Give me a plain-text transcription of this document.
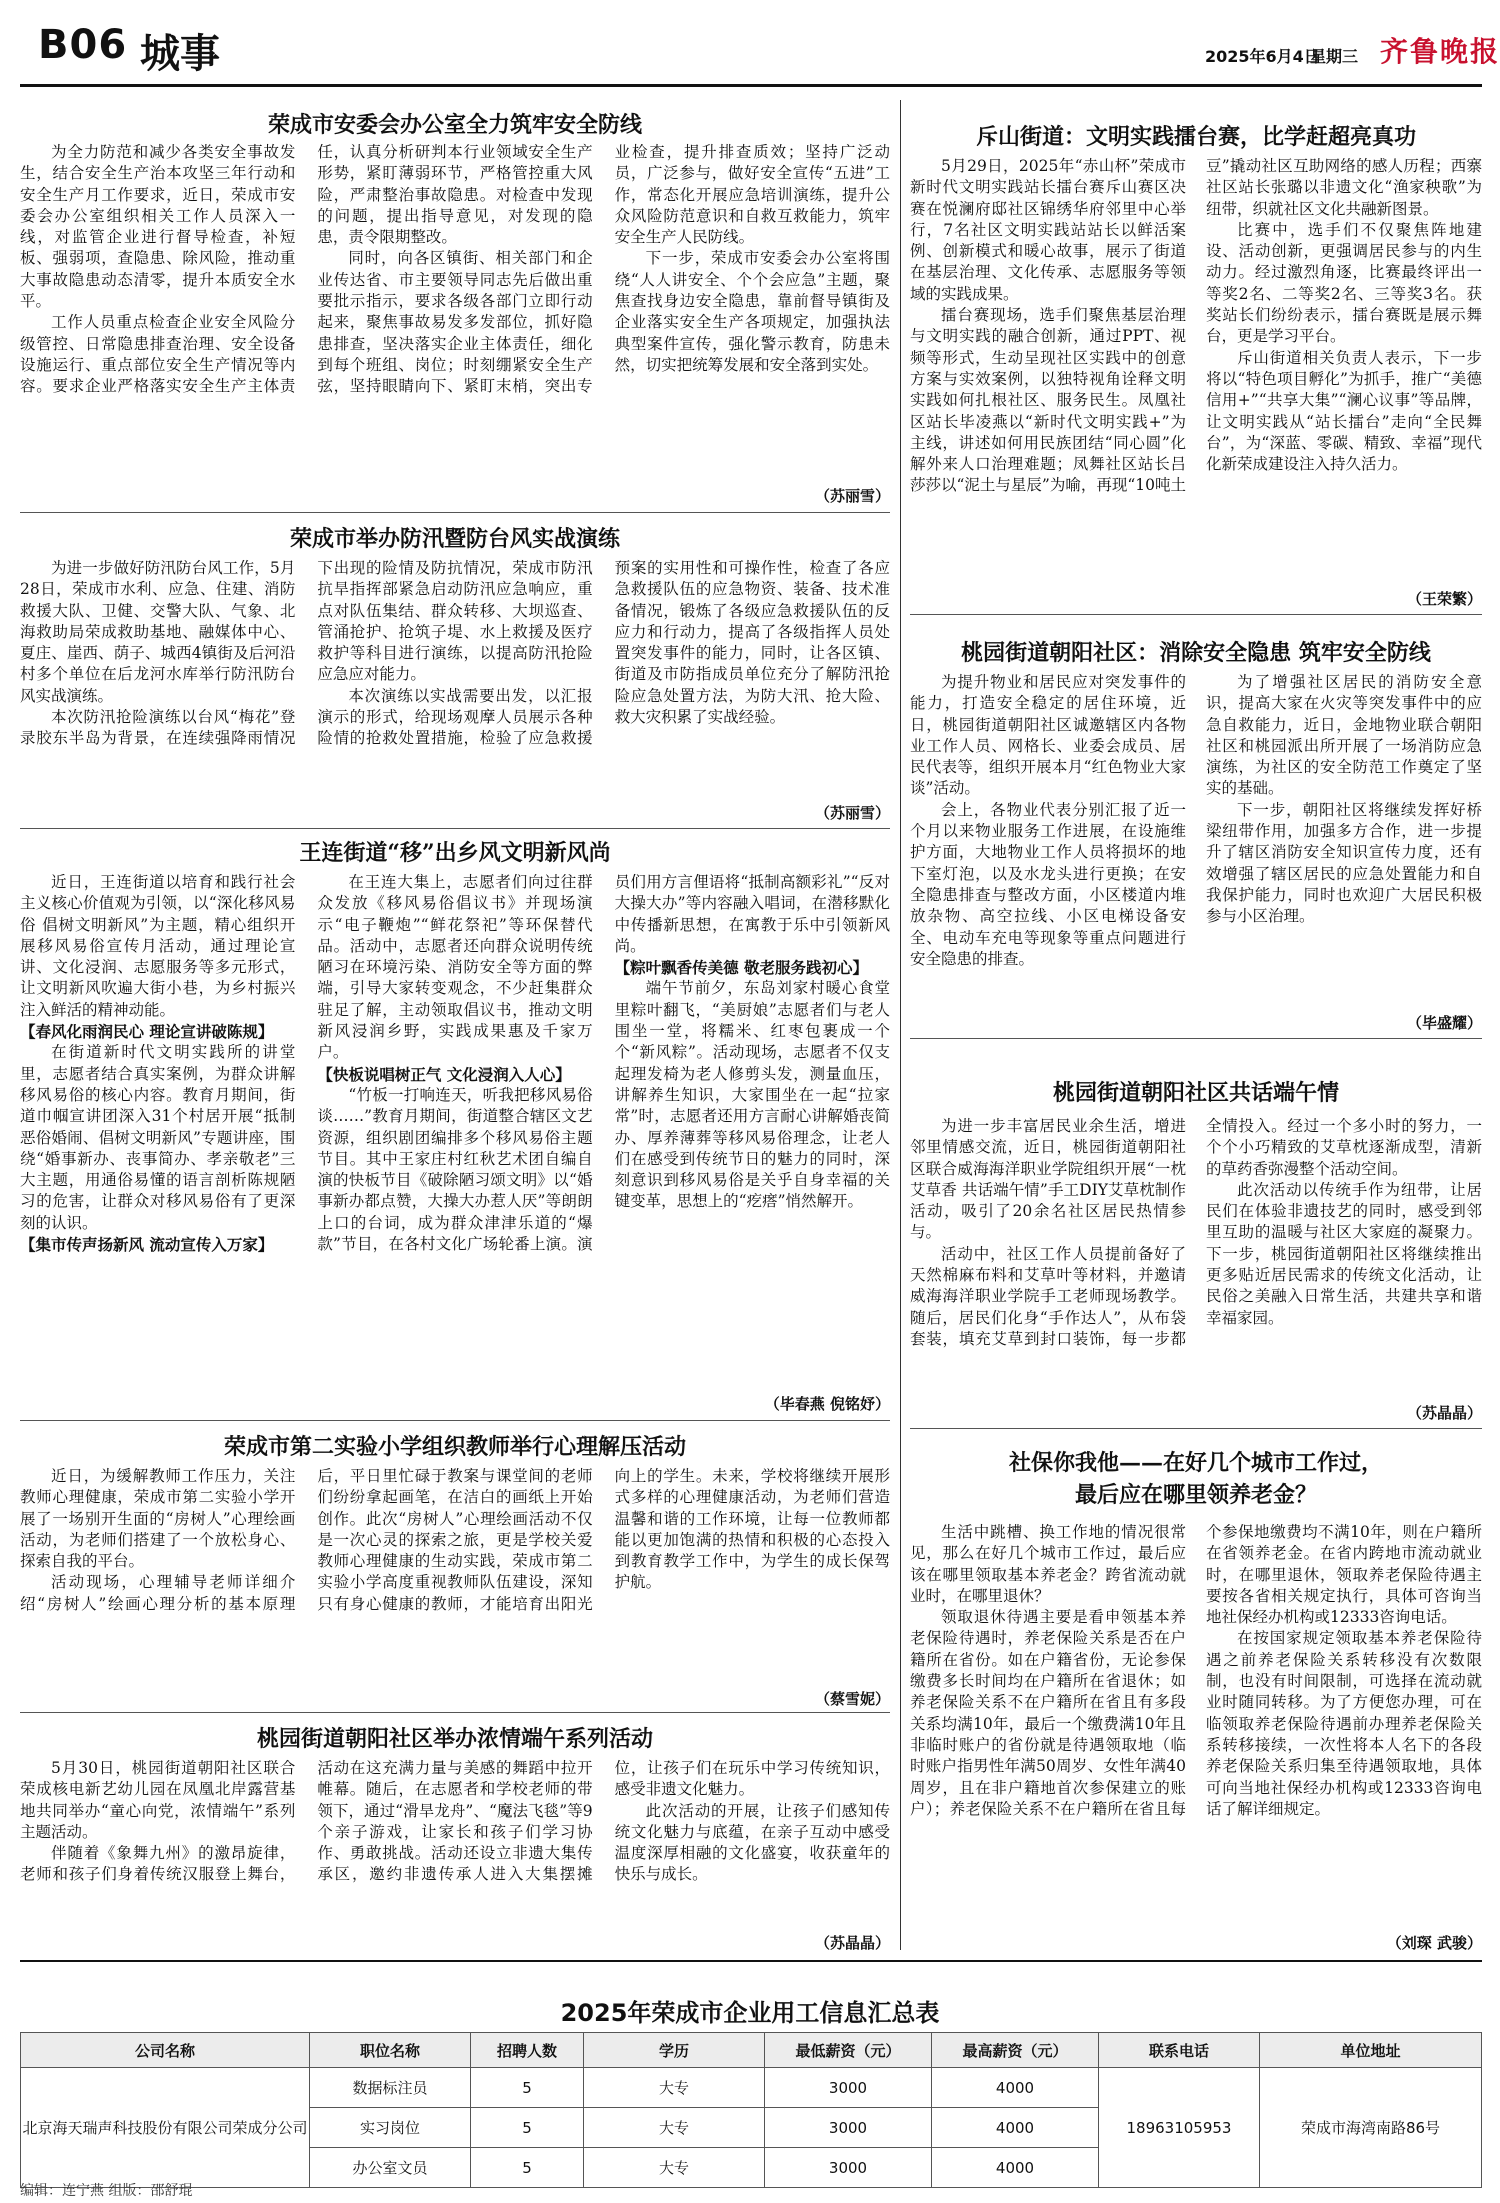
B06 城事	2025年6月4日
星期三 齐鲁晚报
荣成市安委会办公室全力筑牢安全防线

为全力防范和减少各类安全事故发生，结合安全生产治本攻坚三年行动和安全生产月工作要求，近日，荣成市安委会办公室组织相关工作人员深入一线，对监管企业进行督导检查，补短板、强弱项，查隐患、除风险，推动重大事故隐患动态清零，提升本质安全水平。

工作人员重点检查企业安全风险分级管控、日常隐患排查治理、安全设备设施运行、重点部位安全生产情况等内容。要求企业严格落实安全生产主体责任，认真分析研判本行业领域安全生产形势，紧盯薄弱环节，严格管控重大风险，严肃整治事故隐患。对检查中发现的问题，提出指导意见，对发现的隐患，责令限期整改。

同时，向各区镇街、相关部门和企业传达省、市主要领导同志先后做出重要批示指示，要求各级各部门立即行动起来，聚焦事故易发多发部位，抓好隐患排查，坚决落实企业主体责任，细化到每个班组、岗位；时刻绷紧安全生产弦，坚持眼睛向下、紧盯末梢，突出专业检查，提升排查质效；坚持广泛动员，广泛参与，做好安全宣传“五进”工作，常态化开展应急培训演练，提升公众风险防范意识和自救互救能力，筑牢安全生产人民防线。

下一步，荣成市安委会办公室将围绕“人人讲安全、个个会应急”主题，聚焦查找身边安全隐患，靠前督导镇街及企业落实安全生产各项规定，加强执法典型案件宣传，强化警示教育，防患未然，切实把统筹发展和安全落到实处。

（苏丽雪）
荣成市举办防汛暨防台风实战演练

为进一步做好防汛防台风工作，5月28日，荣成市水利、应急、住建、消防救援大队、卫健、交警大队、气象、北海救助局荣成救助基地、融媒体中心、夏庄、崖西、荫子、城西4镇街及后河沿村多个单位在后龙河水库举行防汛防台风实战演练。

本次防汛抢险演练以台风“梅花”登录胶东半岛为背景，在连续强降雨情况下出现的险情及防抗情况，荣成市防汛抗旱指挥部紧急启动防汛应急响应，重点对队伍集结、群众转移、大坝巡查、管涌抢护、抢筑子堤、水上救援及医疗救护等科目进行演练，以提高防汛抢险应急应对能力。

本次演练以实战需要出发，以汇报演示的形式，给现场观摩人员展示各种险情的抢救处置措施，检验了应急救援预案的实用性和可操作性，检查了各应急救援队伍的应急物资、装备、技术准备情况，锻炼了各级应急救援队伍的反应力和行动力，提高了各级指挥人员处置突发事件的能力，同时，让各区镇、街道及市防指成员单位充分了解防汛抢险应急处置方法，为防大汛、抢大险、救大灾积累了实战经验。

（苏丽雪）
王连街道“移”出乡风文明新风尚

近日，王连街道以培育和践行社会主义核心价值观为引领，以“深化移风易俗 倡树文明新风”为主题，精心组织开展移风易俗宣传月活动，通过理论宣讲、文化浸润、志愿服务等多元形式，让文明新风吹遍大街小巷，为乡村振兴注入鲜活的精神动能。

【春风化雨润民心 理论宣讲破陈规】

在街道新时代文明实践所的讲堂里，志愿者结合真实案例，为群众讲解移风易俗的核心内容。教育月期间，街道巾帼宣讲团深入31个村居开展“抵制恶俗婚闹、倡树文明新风”专题讲座，围绕“婚事新办、丧事简办、孝亲敬老”三大主题，用通俗易懂的语言剖析陈规陋习的危害，让群众对移风易俗有了更深刻的认识。

【集市传声扬新风 流动宣传入万家】

在王连大集上，志愿者们向过往群众发放《移风易俗倡议书》并现场演示“电子鞭炮”“鲜花祭祀”等环保替代品。活动中，志愿者还向群众说明传统陋习在环境污染、消防安全等方面的弊端，引导大家转变观念，不少赶集群众驻足了解，主动领取倡议书，推动文明新风浸润乡野，实践成果惠及千家万户。

【快板说唱树正气 文化浸润入人心】

“竹板一打响连天，听我把移风易俗谈……”教育月期间，街道整合辖区文艺资源，组织剧团编排多个移风易俗主题节目。其中王家庄村红秋艺术团自编自演的快板节目《破除陋习颂文明》以“婚事新办都点赞，大操大办惹人厌”等朗朗上口的台词，成为群众津津乐道的“爆款”节目，在各村文化广场轮番上演。演员们用方言俚语将“抵制高额彩礼”“反对大操大办”等内容融入唱词，在潜移默化中传播新思想，在寓教于乐中引领新风尚。

【粽叶飘香传美德 敬老服务践初心】

端午节前夕，东岛刘家村暖心食堂里粽叶翻飞，“美厨娘”志愿者们与老人围坐一堂，将糯米、红枣包裹成一个个“新风粽”。活动现场，志愿者不仅支起理发椅为老人修剪头发，测量血压，讲解养生知识，大家围坐在一起“拉家常”时，志愿者还用方言耐心讲解婚丧简办、厚养薄葬等移风易俗理念，让老人们在感受到传统节日的魅力的同时，深刻意识到移风易俗是关乎自身幸福的关键变革，思想上的“疙瘩”悄然解开。

（毕春燕 倪铭妤）
荣成市第二实验小学组织教师举行心理解压活动

近日，为缓解教师工作压力，关注教师心理健康，荣成市第二实验小学开展了一场别开生面的“房树人”心理绘画活动，为老师们搭建了一个放松身心、探索自我的平台。

活动现场，心理辅导老师详细介绍“房树人”绘画心理分析的基本原理后，平日里忙碌于教案与课堂间的老师们纷纷拿起画笔，在洁白的画纸上开始创作。此次“房树人”心理绘画活动不仅是一次心灵的探索之旅，更是学校关爱教师心理健康的生动实践，荣成市第二实验小学高度重视教师队伍建设，深知只有身心健康的教师，才能培育出阳光向上的学生。未来，学校将继续开展形式多样的心理健康活动，为老师们营造温馨和谐的工作环境，让每一位教师都能以更加饱满的热情和积极的心态投入到教育教学工作中，为学生的成长保驾护航。

（蔡雪妮）
桃园街道朝阳社区举办浓情端午系列活动

5月30日，桃园街道朝阳社区联合荣成核电新艺幼儿园在凤凰北岸露营基地共同举办“童心向党，浓情端午”系列主题活动。

伴随着《象舞九州》的激昂旋律，老师和孩子们身着传统汉服登上舞台，活动在这充满力量与美感的舞蹈中拉开帷幕。随后，在志愿者和学校老师的带领下，通过“滑旱龙舟”、“魔法飞毯”等9个亲子游戏，让家长和孩子们学习协作、勇敢挑战。活动还设立非遗大集传承区，邀约非遗传承人进入大集摆摊位，让孩子们在玩乐中学习传统知识，感受非遗文化魅力。

此次活动的开展，让孩子们感知传统文化魅力与底蕴，在亲子互动中感受温度深厚相融的文化盛宴，收获童年的快乐与成长。

（苏晶晶）
斥山街道：文明实践擂台赛，比学赶超亮真功

5月29日，2025年“赤山杯”荣成市新时代文明实践站长擂台赛斥山赛区决赛在悦澜府邸社区锦绣华府邻里中心举行，7名社区文明实践站站长以鲜活案例、创新模式和暖心故事，展示了街道在基层治理、文化传承、志愿服务等领域的实践成果。

擂台赛现场，选手们聚焦基层治理与文明实践的融合创新，通过PPT、视频等形式，生动呈现社区实践中的创意方案与实效案例，以独特视角诠释文明实践如何扎根社区、服务民生。凤凰社区站长毕凌燕以“新时代文明实践+”为主线，讲述如何用民族团结“同心圆”化解外来人口治理难题；凤舞社区站长吕莎莎以“泥土与星辰”为喻，再现“10吨土豆”撬动社区互助网络的感人历程；西寨社区站长张璐以非遗文化“渔家秧歌”为纽带，织就社区文化共融新图景。

比赛中，选手们不仅聚焦阵地建设、活动创新，更强调居民参与的内生动力。经过激烈角逐，比赛最终评出一等奖2名、二等奖2名、三等奖3名。获奖站长们纷纷表示，擂台赛既是展示舞台，更是学习平台。

斥山街道相关负责人表示，下一步将以“特色项目孵化”为抓手，推广“美德信用+”“共享大集”“澜心议事”等品牌，让文明实践从“站长擂台”走向“全民舞台”，为“深蓝、零碳、精致、幸福”现代化新荣成建设注入持久活力。

（王荣繁）
桃园街道朝阳社区：消除安全隐患 筑牢安全防线

为提升物业和居民应对突发事件的能力，打造安全稳定的居住环境，近日，桃园街道朝阳社区诚邀辖区内各物业工作人员、网格长、业委会成员、居民代表等，组织开展本月“红色物业大家谈”活动。

会上，各物业代表分别汇报了近一个月以来物业服务工作进展，在设施维护方面，大地物业工作人员将损坏的地下室灯泡，以及水龙头进行更换；在安全隐患排查与整改方面，小区楼道内堆放杂物、高空拉线、小区电梯设备安全、电动车充电等现象等重点问题进行安全隐患的排查。

为了增强社区居民的消防安全意识，提高大家在火灾等突发事件中的应急自救能力，近日，金地物业联合朝阳社区和桃园派出所开展了一场消防应急演练，为社区的安全防范工作奠定了坚实的基础。

下一步，朝阳社区将继续发挥好桥梁纽带作用，加强多方合作，进一步提升了辖区消防安全知识宣传力度，还有效增强了辖区居民的应急处置能力和自我保护能力，同时也欢迎广大居民积极参与小区治理。

（毕盛耀）
桃园街道朝阳社区共话端午情

为进一步丰富居民业余生活，增进邻里情感交流，近日，桃园街道朝阳社区联合威海海洋职业学院组织开展“一枕艾草香 共话端午情”手工DIY艾草枕制作活动，吸引了20余名社区居民热情参与。

活动中，社区工作人员提前备好了天然棉麻布料和艾草叶等材料，并邀请威海海洋职业学院手工老师现场教学。随后，居民们化身“手作达人”，从布袋套装，填充艾草到封口装饰，每一步都全情投入。经过一个多小时的努力，一个个小巧精致的艾草枕逐渐成型，清新的草药香弥漫整个活动空间。

此次活动以传统手作为纽带，让居民们在体验非遗技艺的同时，感受到邻里互助的温暖与社区大家庭的凝聚力。下一步，桃园街道朝阳社区将继续推出更多贴近居民需求的传统文化活动，让民俗之美融入日常生活，共建共享和谐幸福家园。

（苏晶晶）
社保你我他——在好几个城市工作过，
最后应在哪里领养老金？

生活中跳槽、换工作地的情况很常见，那么在好几个城市工作过，最后应该在哪里领取基本养老金？跨省流动就业时，在哪里退休？

领取退休待遇主要是看申领基本养老保险待遇时，养老保险关系是否在户籍所在省份。如在户籍省份，无论参保缴费多长时间均在户籍所在省退休；如养老保险关系不在户籍所在省且有多段关系均满10年，最后一个缴费满10年且非临时账户的省份就是待遇领取地（临时账户指男性年满50周岁、女性年满40周岁，且在非户籍地首次参保建立的账户）；养老保险关系不在户籍所在省且每个参保地缴费均不满10年，则在户籍所在省领养老金。在省内跨地市流动就业时，在哪里退休，领取养老保险待遇主要按各省相关规定执行，具体可咨询当地社保经办机构或12333咨询电话。

在按国家规定领取基本养老保险待遇之前养老保险关系转移没有次数限制，也没有时间限制，可选择在流动就业时随同转移。为了方便您办理，可在临领取养老保险待遇前办理养老保险关系转移接续，一次性将本人名下的各段养老保险关系归集至待遇领取地，具体可向当地社保经办机构或12333咨询电话了解详细规定。

（刘琛 武骏）
2025年荣成市企业用工信息汇总表
公司名称	职位名称	招聘人数	学历	最低薪资（元）	最高薪资（元）	联系电话	单位地址
北京海天瑞声科技股份有限公司荣成分公司	数据标注员	5	大专	3000	4000	18963105953	荣成市海湾南路86号
	实习岗位	5	大专	3000	4000		
	办公室文员	5	大专	3000	4000		
编辑：连宁燕 组版：邵舒琨
